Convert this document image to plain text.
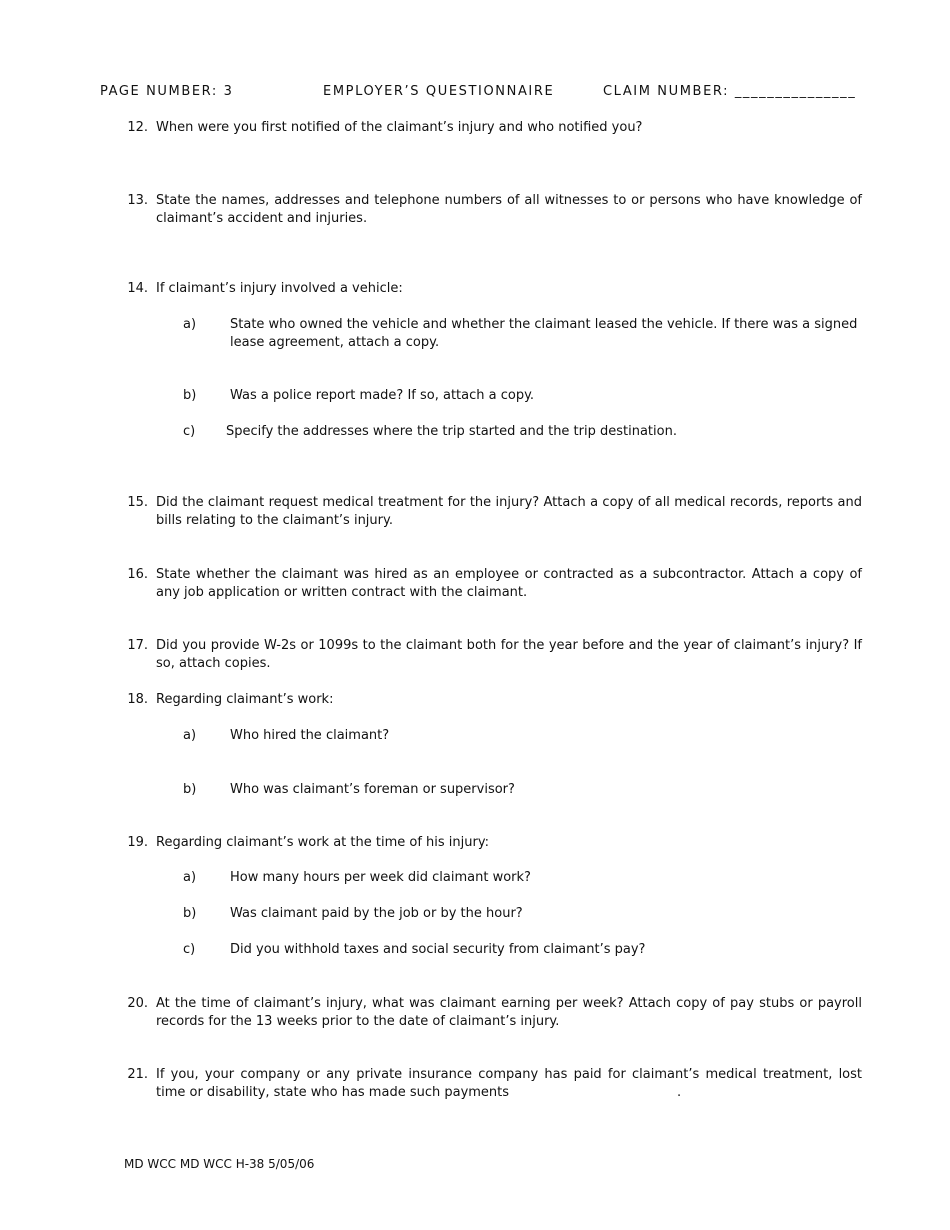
PAGE NUMBER: 3	EMPLOYER’S QUESTIONNAIRE	CLAIM NUMBER: _______________
12. When were you first notified of the claimant’s injury and who notified you?
13. State the names, addresses and telephone numbers of all witnesses to or persons who have knowledge of claimant’s accident and injuries.
14. If claimant’s injury involved a vehicle:
a)	State who owned the vehicle and whether the claimant leased the vehicle. If there was a signed lease agreement, attach a copy.
b)	Was a police report made? If so, attach a copy.
c) Specify the addresses where the trip started and the trip destination.
15. Did the claimant request medical treatment for the injury? Attach a copy of all medical records, reports and bills relating to the claimant’s injury.
16. State whether the claimant was hired as an employee or contracted as a subcontractor. Attach a copy of any job application or written contract with the claimant.
17. Did you provide W-2s or 1099s to the claimant both for the year before and the year of claimant’s injury? If so, attach copies.
18. Regarding claimant’s work:
a)	Who hired the claimant?
b)	Who was claimant’s foreman or supervisor?
19. Regarding claimant’s work at the time of his injury:
a)	How many hours per week did claimant work?
b)	Was claimant paid by the job or by the hour?
c)	Did you withhold taxes and social security from claimant’s pay?
20. At the time of claimant’s injury, what was claimant earning per week? Attach copy of pay stubs or payroll records for the 13 weeks prior to the date of claimant’s injury.
21. If you, your company or any private insurance company has paid for claimant’s medical treatment, lost time or disability, state who has made such payments	.
MD WCC MD WCC H-38 5/05/06
